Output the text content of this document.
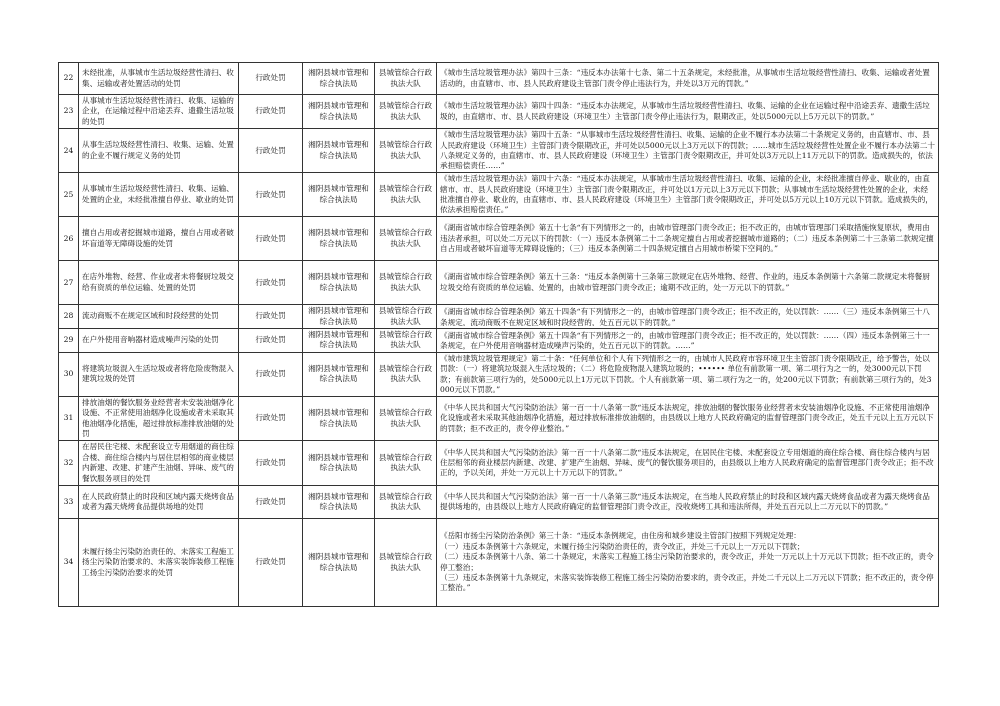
22	未经批准，从事城市生活垃圾经营性清扫、收集、运输或者处置活动的处罚	行政处罚	湘阴县城市管理和综合执法局	县城管综合行政执法大队	《城市生活垃圾管理办法》第四十三条：“违反本办法第十七条、第二十五条规定，未经批准，从事城市生活垃圾经营性清扫、收集、运输或者处置活动的，由直辖市、市、县人民政府建设主管部门责令停止违法行为，并处以3万元的罚款。”

23	从事城市生活垃圾经营性清扫、收集、运输的企业，在运输过程中沿途丢弃、遗撒生活垃圾的处罚	行政处罚	湘阴县城市管理和综合执法局	县城管综合行政执法大队	《城市生活垃圾管理办法》第四十四条：“违反本办法规定，从事城市生活垃圾经营性清扫、收集、运输的企业在运输过程中沿途丢弃、遗撒生活垃圾的，由直辖市、市、县人民政府建设（环境卫生）主管部门责令停止违法行为，限期改正，处以5000元以上5万元以下的罚款。”

24	从事生活垃圾经营性清扫、收集、运输、处置的企业不履行规定义务的处罚	行政处罚	湘阴县城市管理和综合执法局	县城管综合行政执法大队	《城市生活垃圾管理办法》第四十五条：“从事城市生活垃圾经营性清扫、收集、运输的企业不履行本办法第二十条规定义务的，由直辖市、市、县人民政府建设（环境卫生）主管部门责令限期改正，并可处以5000元以上3万元以下的罚款；……城市生活垃圾经营性处置企业不履行本办法第二十八条规定义务的，由直辖市、市、县人民政府建设（环境卫生）主管部门责令限期改正，并可处以3万元以上11万元以下的罚款。造成损失的，依法承担赔偿责任……”

25	从事城市生活垃圾经营性清扫、收集、运输、处置的企业，未经批准擅自停业、歇业的处罚	行政处罚	湘阴县城市管理和综合执法局	县城管综合行政执法大队	《城市生活垃圾管理办法》第四十六条：“违反本办法规定，从事城市生活垃圾经营性清扫、收集、运输的企业，未经批准擅自停业、歇业的，由直辖市、市、县人民政府建设（环境卫生）主管部门责令限期改正，并可处以1万元以上3万元以下罚款；从事城市生活垃圾经营性处置的企业，未经批准擅自停业、歇业的，由直辖市、市、县人民政府建设（环境卫生）主管部门责令限期改正，并可处以5万元以上10万元以下罚款。造成损失的，依法承担赔偿责任。”

26	擅自占用或者挖掘城市道路，擅自占用或者破坏盲道等无障碍设施的处罚	行政处罚	湘阴县城市管理和综合执法局	县城管综合行政执法大队	《湖南省城市综合管理条例》第五十七条“有下列情形之一的，由城市管理部门责令改正；拒不改正的，由城市管理部门采取措施恢复原状，费用由违法者承担，可以处二万元以下的罚款：（一）违反本条例第二十二条规定擅自占用或者挖掘城市道路的；（二）违反本条例第二十三条第二款规定擅自占用或者破坏盲道等无障碍设施的；（三）违反本条例第二十四条规定擅自占用城市桥梁下空间的。”

27	在店外堆物、经营、作业或者未将餐厨垃圾交给有资质的单位运输、处置的处罚	行政处罚	湘阴县城市管理和综合执法局	县城管综合行政执法大队	《湖南省城市综合管理条例》第五十三条：“违反本条例第十三条第三款规定在店外堆物、经营、作业的，违反本条例第十六条第二款规定未将餐厨垃圾交给有资质的单位运输、处置的，由城市管理部门责令改正；逾期不改正的，处一万元以下的罚款。”

28	流动商贩不在规定区域和时段经营的处罚	行政处罚	湘阴县城市管理和综合执法局	县城管综合行政执法大队	《湖南省城市综合管理条例》第五十四条“有下列情形之一的，由城市管理部门责令改正；拒不改正的，处以罚款：……（三）违反本条例第三十八条规定，流动商贩不在规定区域和时段经营的，处五百元以下的罚款。”

29	在户外使用音响器材造成噪声污染的处罚	行政处罚	湘阴县城市管理和综合执法局	县城管综合行政执法大队	《湖南省城市综合管理条例》第五十四条“有下列情形之一的，由城市管理部门责令改正；拒不改正的，处以罚款：……（四）违反本条例第三十一条规定，在户外使用音响器材造成噪声污染的，处五百元以下的罚款。……”

30	将建筑垃圾混入生活垃圾或者将危险废物混入建筑垃圾的处罚	行政处罚	湘阴县城市管理和综合执法局	县城管综合行政执法大队	《城市建筑垃圾管理规定》第二十条：“任何单位和个人有下列情形之一的，由城市人民政府市容环境卫生主管部门责令限期改正，给予警告，处以罚款：（一）将建筑垃圾混入生活垃圾的；（二）将危险废物混入建筑垃圾的；•••••• 单位有前款第一项、第二项行为之一的，处3000元以下罚款；有前款第三项行为的，处5000元以上1万元以下罚款。个人有前款第一项、第二项行为之一的，处200元以下罚款；有前款第三项行为的，处3000元以下罚款。”

31	排放油烟的餐饮服务业经营者未安装油烟净化设施、不正常使用油烟净化设施或者未采取其他油烟净化措施，超过排放标准排放油烟的处罚	行政处罚	湘阴县城市管理和综合执法局	县城管综合行政执法大队	《中华人民共和国大气污染防治法》第一百一十八条第一款“违反本法规定，排放油烟的餐饮服务业经营者未安装油烟净化设施、不正常使用油烟净化设施或者未采取其他油烟净化措施，超过排放标准排放油烟的，由县级以上地方人民政府确定的监督管理部门责令改正，处五千元以上五万元以下的罚款；拒不改正的，责令停业整治。”

32	在居民住宅楼、未配套设立专用烟道的商住综合楼、商住综合楼内与居住层相邻的商业楼层内新建、改建、扩建产生油烟、异味、废气的餐饮服务项目的处罚	行政处罚	湘阴县城市管理和综合执法局	县城管综合行政执法大队	《中华人民共和国大气污染防治法》第一百一十八条第二款“违反本法规定，在居民住宅楼、未配套设立专用烟道的商住综合楼、商住综合楼内与居住层相邻的商业楼层内新建、改建、扩建产生油烟、异味、废气的餐饮服务项目的，由县级以上地方人民政府确定的监督管理部门责令改正；拒不改正的，予以关闭，并处一万元以上十万元以下的罚款。”

33	在人民政府禁止的时段和区域内露天烧烤食品或者为露天烧烤食品提供场地的处罚	行政处罚	湘阴县城市管理和综合执法局	县城管综合行政执法大队	《中华人民共和国大气污染防治法》第一百一十八条第三款“违反本法规定，在当地人民政府禁止的时段和区域内露天烧烤食品或者为露天烧烤食品提供场地的，由县级以上地方人民政府确定的监督管理部门责令改正，没收烧烤工具和违法所得，并处五百元以上二万元以下的罚款。”

34	未履行扬尘污染防治责任的、未落实工程施工扬尘污染防治要求的、未落实装饰装修工程施工扬尘污染防治要求的处罚	行政处罚	湘阴县城市管理和综合执法局	县城管综合行政执法大队	《岳阳市扬尘污染防治条例》第三十条：“违反本条例规定，由住房和城乡建设主管部门按照下列规定处理：

（一）违反本条例第十六条规定，未履行扬尘污染防治责任的，责令改正，并处三千元以上一万元以下罚款；

（二）违反本条例第十八条、第二十条规定，未落实工程施工扬尘污染防治要求的，责令改正，并处一万元以上十万元以下罚款；拒不改正的，责令停工整治；

（三）违反本条例第十九条规定，未落实装饰装修工程施工扬尘污染防治要求的，责令改正，并处二千元以上二万元以下罚款；拒不改正的，责令停工整治。”
